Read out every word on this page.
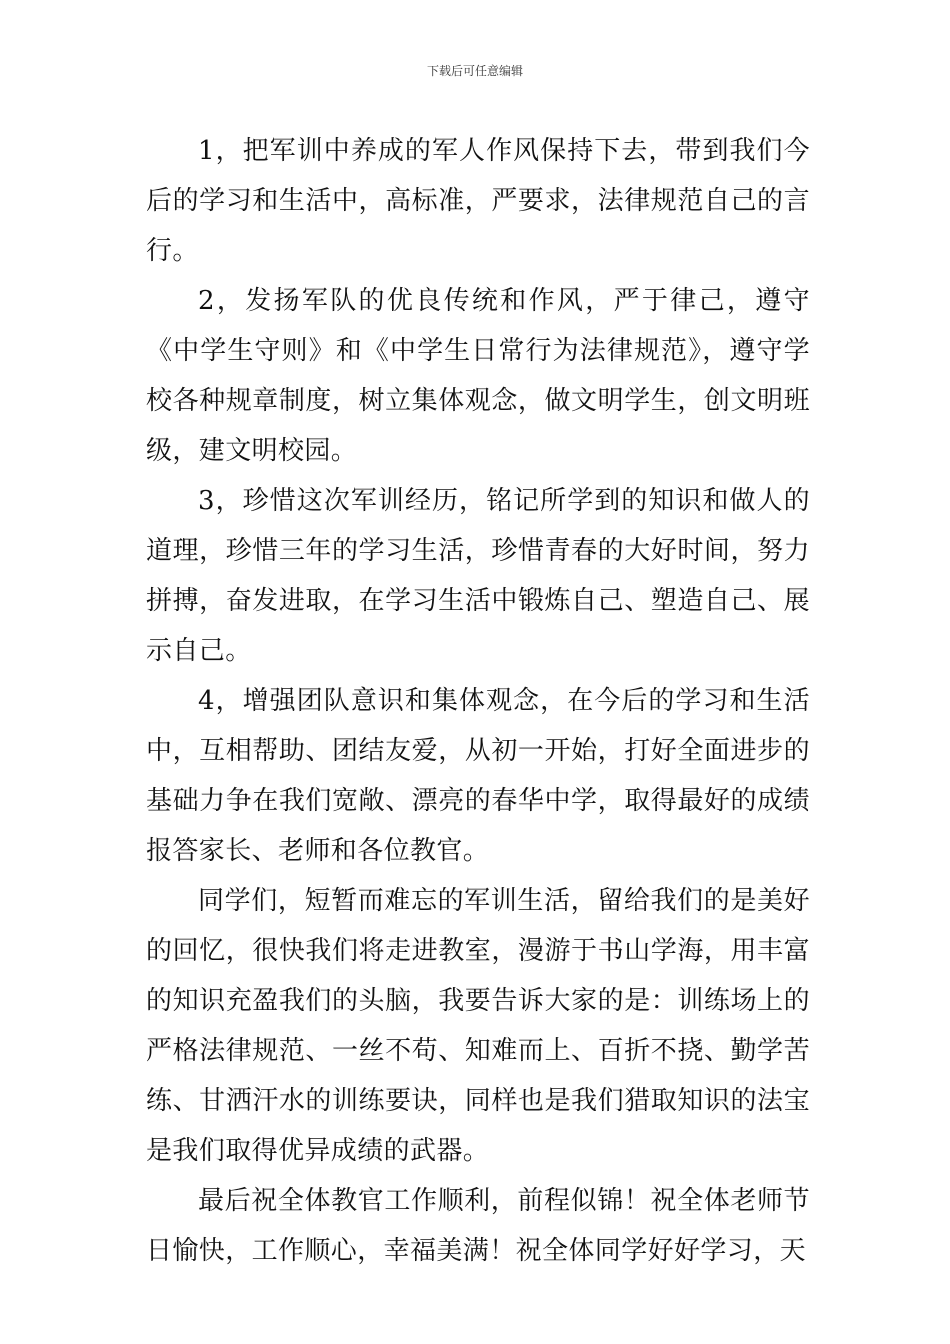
下载后可任意编辑

1，把军训中养成的军人作风保持下去，带到我们今后的学习和生活中，高标准，严要求，法律规范自己的言行。

2，发扬军队的优良传统和作风，严于律己，遵守《中学生守则》和《中学生日常行为法律规范》，遵守学校各种规章制度，树立集体观念，做文明学生，创文明班级，建文明校园。

3，珍惜这次军训经历，铭记所学到的知识和做人的道理，珍惜三年的学习生活，珍惜青春的大好时间，努力拼搏，奋发进取，在学习生活中锻炼自己、塑造自己、展示自己。

4，增强团队意识和集体观念，在今后的学习和生活中，互相帮助、团结友爱，从初一开始，打好全面进步的基础力争在我们宽敞、漂亮的春华中学，取得最好的成绩报答家长、老师和各位教官。

同学们，短暂而难忘的军训生活，留给我们的是美好的回忆，很快我们将走进教室，漫游于书山学海，用丰富的知识充盈我们的头脑，我要告诉大家的是：训练场上的严格法律规范、一丝不苟、知难而上、百折不挠、勤学苦练、甘洒汗水的训练要诀，同样也是我们猎取知识的法宝是我们取得优异成绩的武器。

最后祝全体教官工作顺利，前程似锦！祝全体老师节日愉快，工作顺心，幸福美满！祝全体同学好好学习，天
